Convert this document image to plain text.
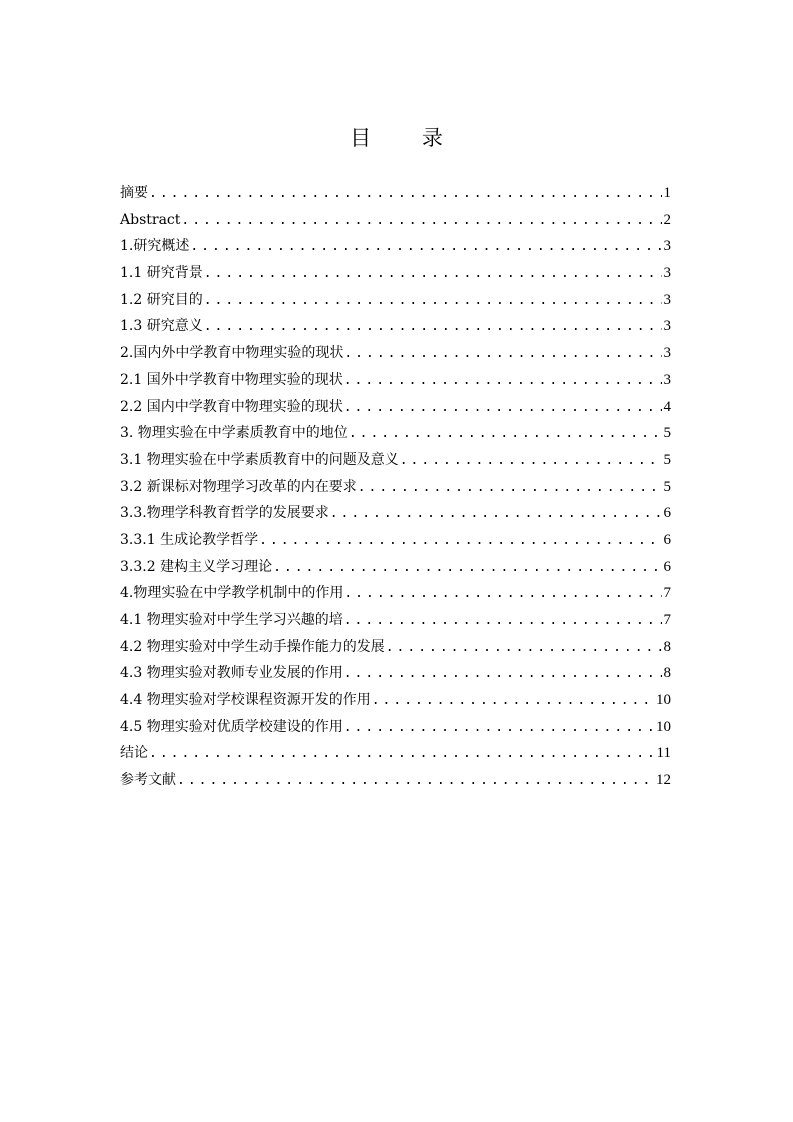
目 录
摘要 .....	1
Abstract .....	2
1.研究概述 .....	3
1.1 研究背景 .....	3
1.2 研究目的 .....	3
1.3 研究意义 .....	3
2.国内外中学教育中物理实验的现状 .....	3
2.1 国外中学教育中物理实验的现状 .....	3
2.2 国内中学教育中物理实验的现状 .....	4
3. 物理实验在中学素质教育中的地位 .....	5
3.1 物理实验在中学素质教育中的问题及意义 .....	5
3.2 新课标对物理学习改革的内在要求 .....	5
3.3.物理学科教育哲学的发展要求 .....	6
3.3.1 生成论教学哲学 .....	6
3.3.2 建构主义学习理论 .....	6
4.物理实验在中学教学机制中的作用 .....	7
4.1 物理实验对中学生学习兴趣的培 .....	7
4.2 物理实验对中学生动手操作能力的发展 .....	8
4.3 物理实验对教师专业发展的作用 .....	8
4.4 物理实验对学校课程资源开发的作用 .....	10
4.5 物理实验对优质学校建设的作用 .....	10
结论 .....	11
参考文献 .....	12
